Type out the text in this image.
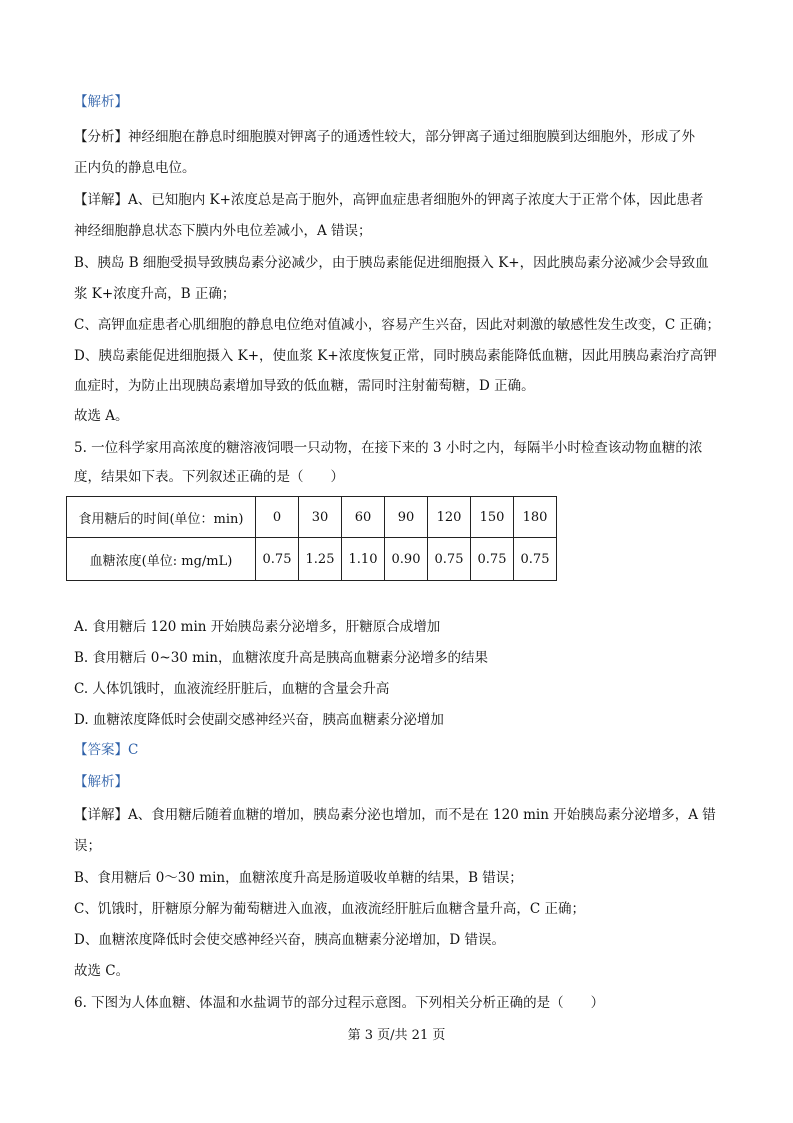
【解析】
【分析】神经细胞在静息时细胞膜对钾离子的通透性较大，部分钾离子通过细胞膜到达细胞外，形成了外
正内负的静息电位。
【详解】A、已知胞内 K+浓度总是高于胞外，高钾血症患者细胞外的钾离子浓度大于正常个体，因此患者
神经细胞静息状态下膜内外电位差减小，A 错误；
B、胰岛 B 细胞受损导致胰岛素分泌减少，由于胰岛素能促进细胞摄入 K+，因此胰岛素分泌减少会导致血
浆 K+浓度升高，B 正确；
C、高钾血症患者心肌细胞的静息电位绝对值减小，容易产生兴奋，因此对刺激的敏感性发生改变，C 正确；
D、胰岛素能促进细胞摄入 K+，使血浆 K+浓度恢复正常，同时胰岛素能降低血糖，因此用胰岛素治疗高钾
血症时，为防止出现胰岛素增加导致的低血糖，需同时注射葡萄糖，D 正确。
故选 A。
5. 一位科学家用高浓度的糖溶液饲喂一只动物，在接下来的 3 小时之内，每隔半小时检查该动物血糖的浓
度，结果如下表。下列叙述正确的是（　　）
食用糖后的时间(单位：min)	0	30	60	90	120	150	180
血糖浓度(单位: mg/mL)	0.75	1.25	1.10	0.90	0.75	0.75	0.75
A. 食用糖后 120 min 开始胰岛素分泌增多，肝糖原合成增加
B. 食用糖后 0~30 min，血糖浓度升高是胰高血糖素分泌增多的结果
C. 人体饥饿时，血液流经肝脏后，血糖的含量会升高
D. 血糖浓度降低时会使副交感神经兴奋，胰高血糖素分泌增加
【答案】C
【解析】
【详解】A、食用糖后随着血糖的增加，胰岛素分泌也增加，而不是在 120 min 开始胰岛素分泌增多，A 错
误；
B、食用糖后 0～30 min，血糖浓度升高是肠道吸收单糖的结果，B 错误；
C、饥饿时，肝糖原分解为葡萄糖进入血液，血液流经肝脏后血糖含量升高，C 正确；
D、血糖浓度降低时会使交感神经兴奋，胰高血糖素分泌增加，D 错误。
故选 C。
6. 下图为人体血糖、体温和水盐调节的部分过程示意图。下列相关分析正确的是（　　）
第 3 页/共 21 页
